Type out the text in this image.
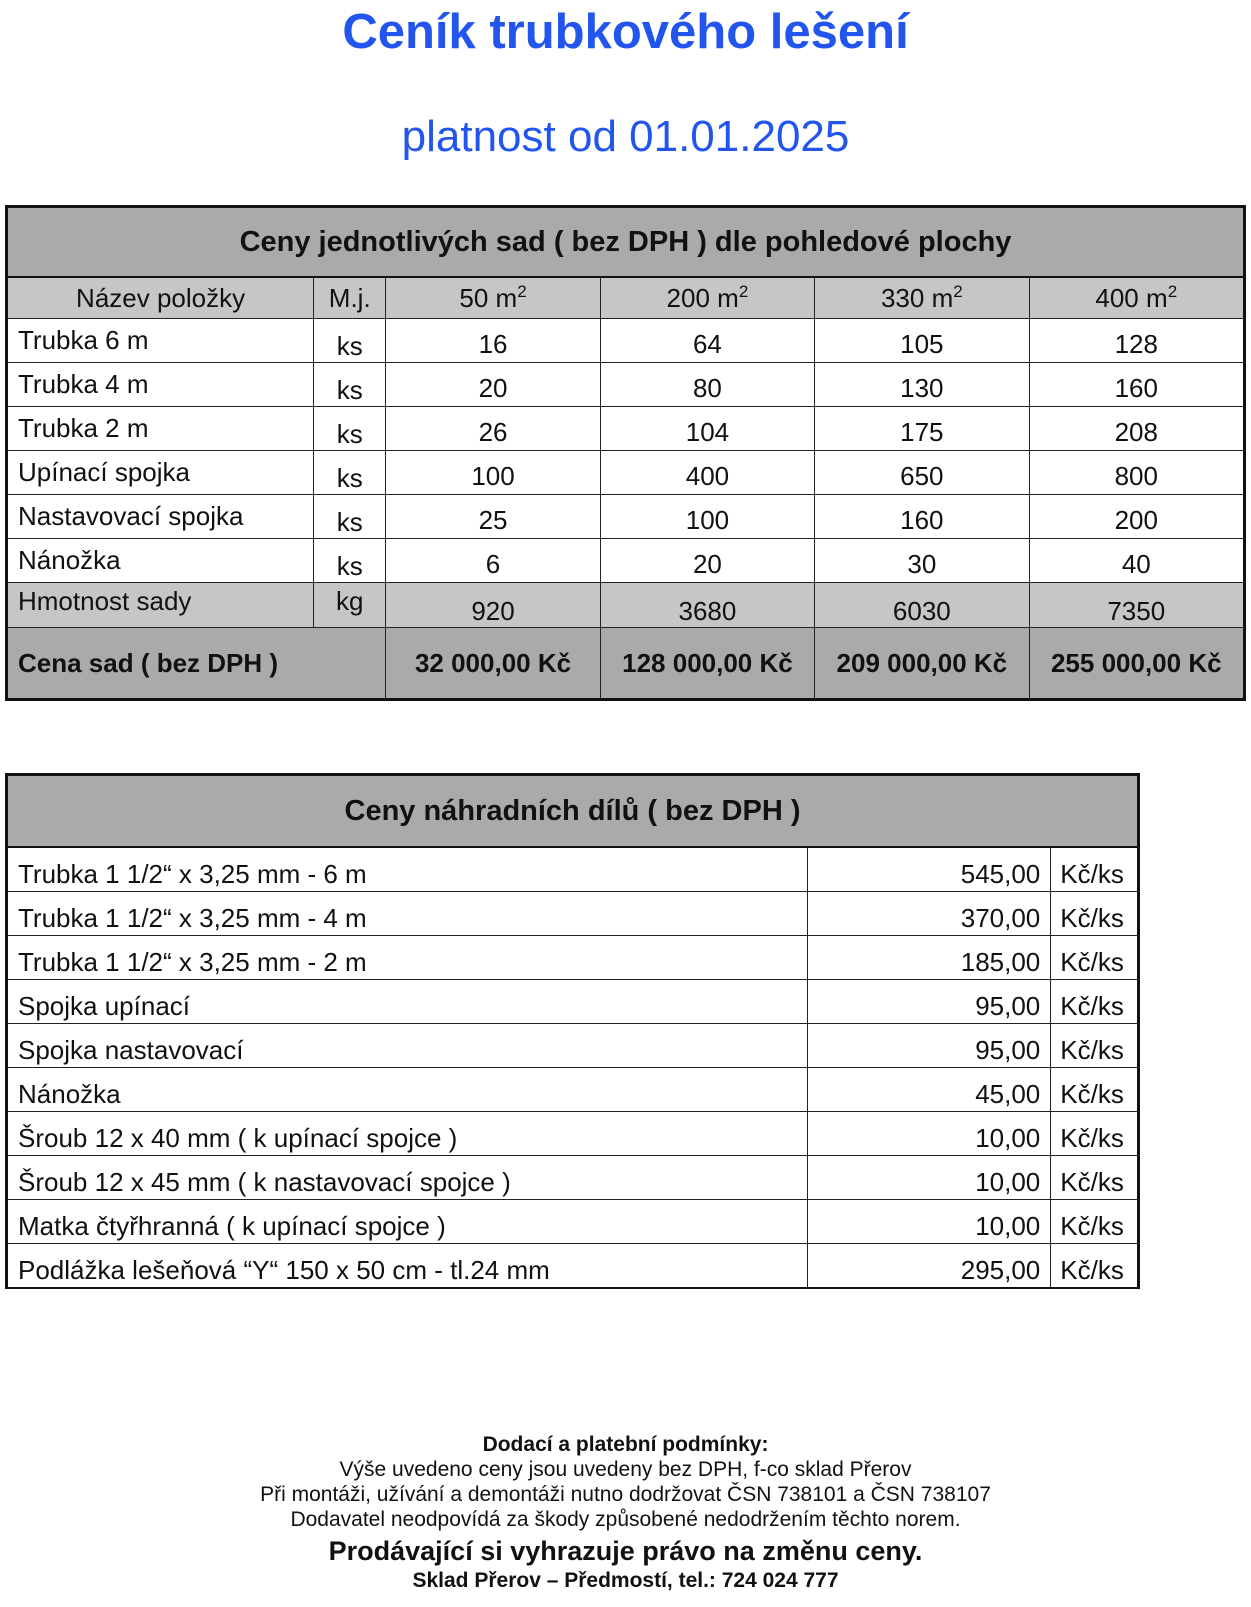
Ceník trubkového lešení
platnost od 01.01.2025
Ceny jednotlivých sad ( bez DPH ) dle pohledové plochy					
Název položky	M.j.	50 $m^2$	200 $m^2$	330 $m^2$	400 $m^2$
Trubka 6 m	ks	16	64	105	128
Trubka 4 m	ks	20	80	130	160
Trubka 2 m	ks	26	104	175	208
Upínací spojka	ks	100	400	650	800
Nastavovací spojka	ks	25	100	160	200
Nánožka	ks	6	20	30	40
Hmotnost sady	kg	920	3680	6030	7350
Cena sad ( bez DPH )		32 000,00 Kč	128 000,00 Kč	209 000,00 Kč	255 000,00 Kč
Ceny náhradních dílů ( bez DPH )		
Trubka 1 1/2“ x 3,25 mm - 6 m	545,00	Kč/ks
Trubka 1 1/2“ x 3,25 mm - 4 m	370,00	Kč/ks
Trubka 1 1/2“ x 3,25 mm - 2 m	185,00	Kč/ks
Spojka upínací	95,00	Kč/ks
Spojka nastavovací	95,00	Kč/ks
Nánožka	45,00	Kč/ks
Šroub 12 x 40 mm ( k upínací spojce )	10,00	Kč/ks
Šroub 12 x 45 mm ( k nastavovací spojce )	10,00	Kč/ks
Matka čtyřhranná ( k upínací spojce )	10,00	Kč/ks
Podlážka lešeňová “Y“ 150 x 50 cm - tl.24 mm	295,00	Kč/ks
Dodací a platební podmínky:
Výše uvedeno ceny jsou uvedeny bez DPH, f-co sklad Přerov
Při montáži, užívání a demontáži nutno dodržovat ČSN 738101 a ČSN 738107
Dodavatel neodpovídá za škody způsobené nedodržením těchto norem.
Prodávající si vyhrazuje právo na změnu ceny.
Sklad Přerov – Předmostí, tel.: 724 024 777
